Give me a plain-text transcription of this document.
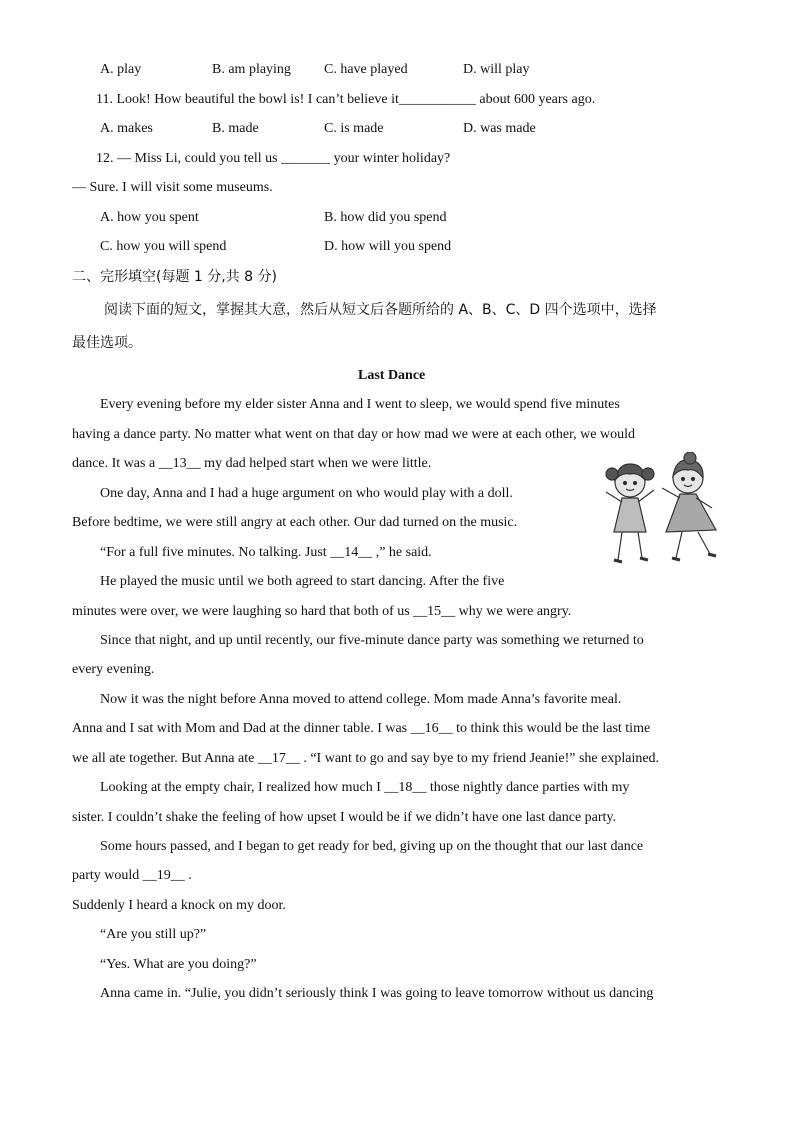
A. play	B. am playing C. have played	D. will play
11. Look! How beautiful the bowl is! I can’t believe it___________ about 600 years ago.
A. makes	B. made	C. is made	D. was made
12. — Miss Li, could you tell us _______ your winter holiday?
— Sure. I will visit some museums.
A. how you spent	B. how did you spend
C. how you will spend	D. how will you spend
二、完形填空(每题 1 分,共 8 分)
阅读下面的短文，掌握其大意，然后从短文后各题所给的 A、B、C、D 四个选项中，选择
最佳选项。
Last Dance
Every evening before my elder sister Anna and I went to sleep, we would spend five minutes
having a dance party. No matter what went on that day or how mad we were at each other, we would
dance. It was a __13__ my dad helped start when we were little.
One day, Anna and I had a huge argument on who would play with a doll.
Before bedtime, we were still angry at each other. Our dad turned on the music.
“For a full five minutes. No talking. Just __14__ ,” he said.
He played the music until we both agreed to start dancing. After the five
minutes were over, we were laughing so hard that both of us __15__ why we were angry.
Since that night, and up until recently, our five-minute dance party was something we returned to
every evening.
Now it was the night before Anna moved to attend college. Mom made Anna’s favorite meal.
Anna and I sat with Mom and Dad at the dinner table. I was __16__ to think this would be the last time
we all ate together. But Anna ate __17__ . “I want to go and say bye to my friend Jeanie!” she explained.
Looking at the empty chair, I realized how much I __18__ those nightly dance parties with my
sister. I couldn’t shake the feeling of how upset I would be if we didn’t have one last dance party.
Some hours passed, and I began to get ready for bed, giving up on the thought that our last dance
party would __19__ .
Suddenly I heard a knock on my door.
“Are you still up?”
“Yes. What are you doing?”
Anna came in. “Julie, you didn’t seriously think I was going to leave tomorrow without us dancing
